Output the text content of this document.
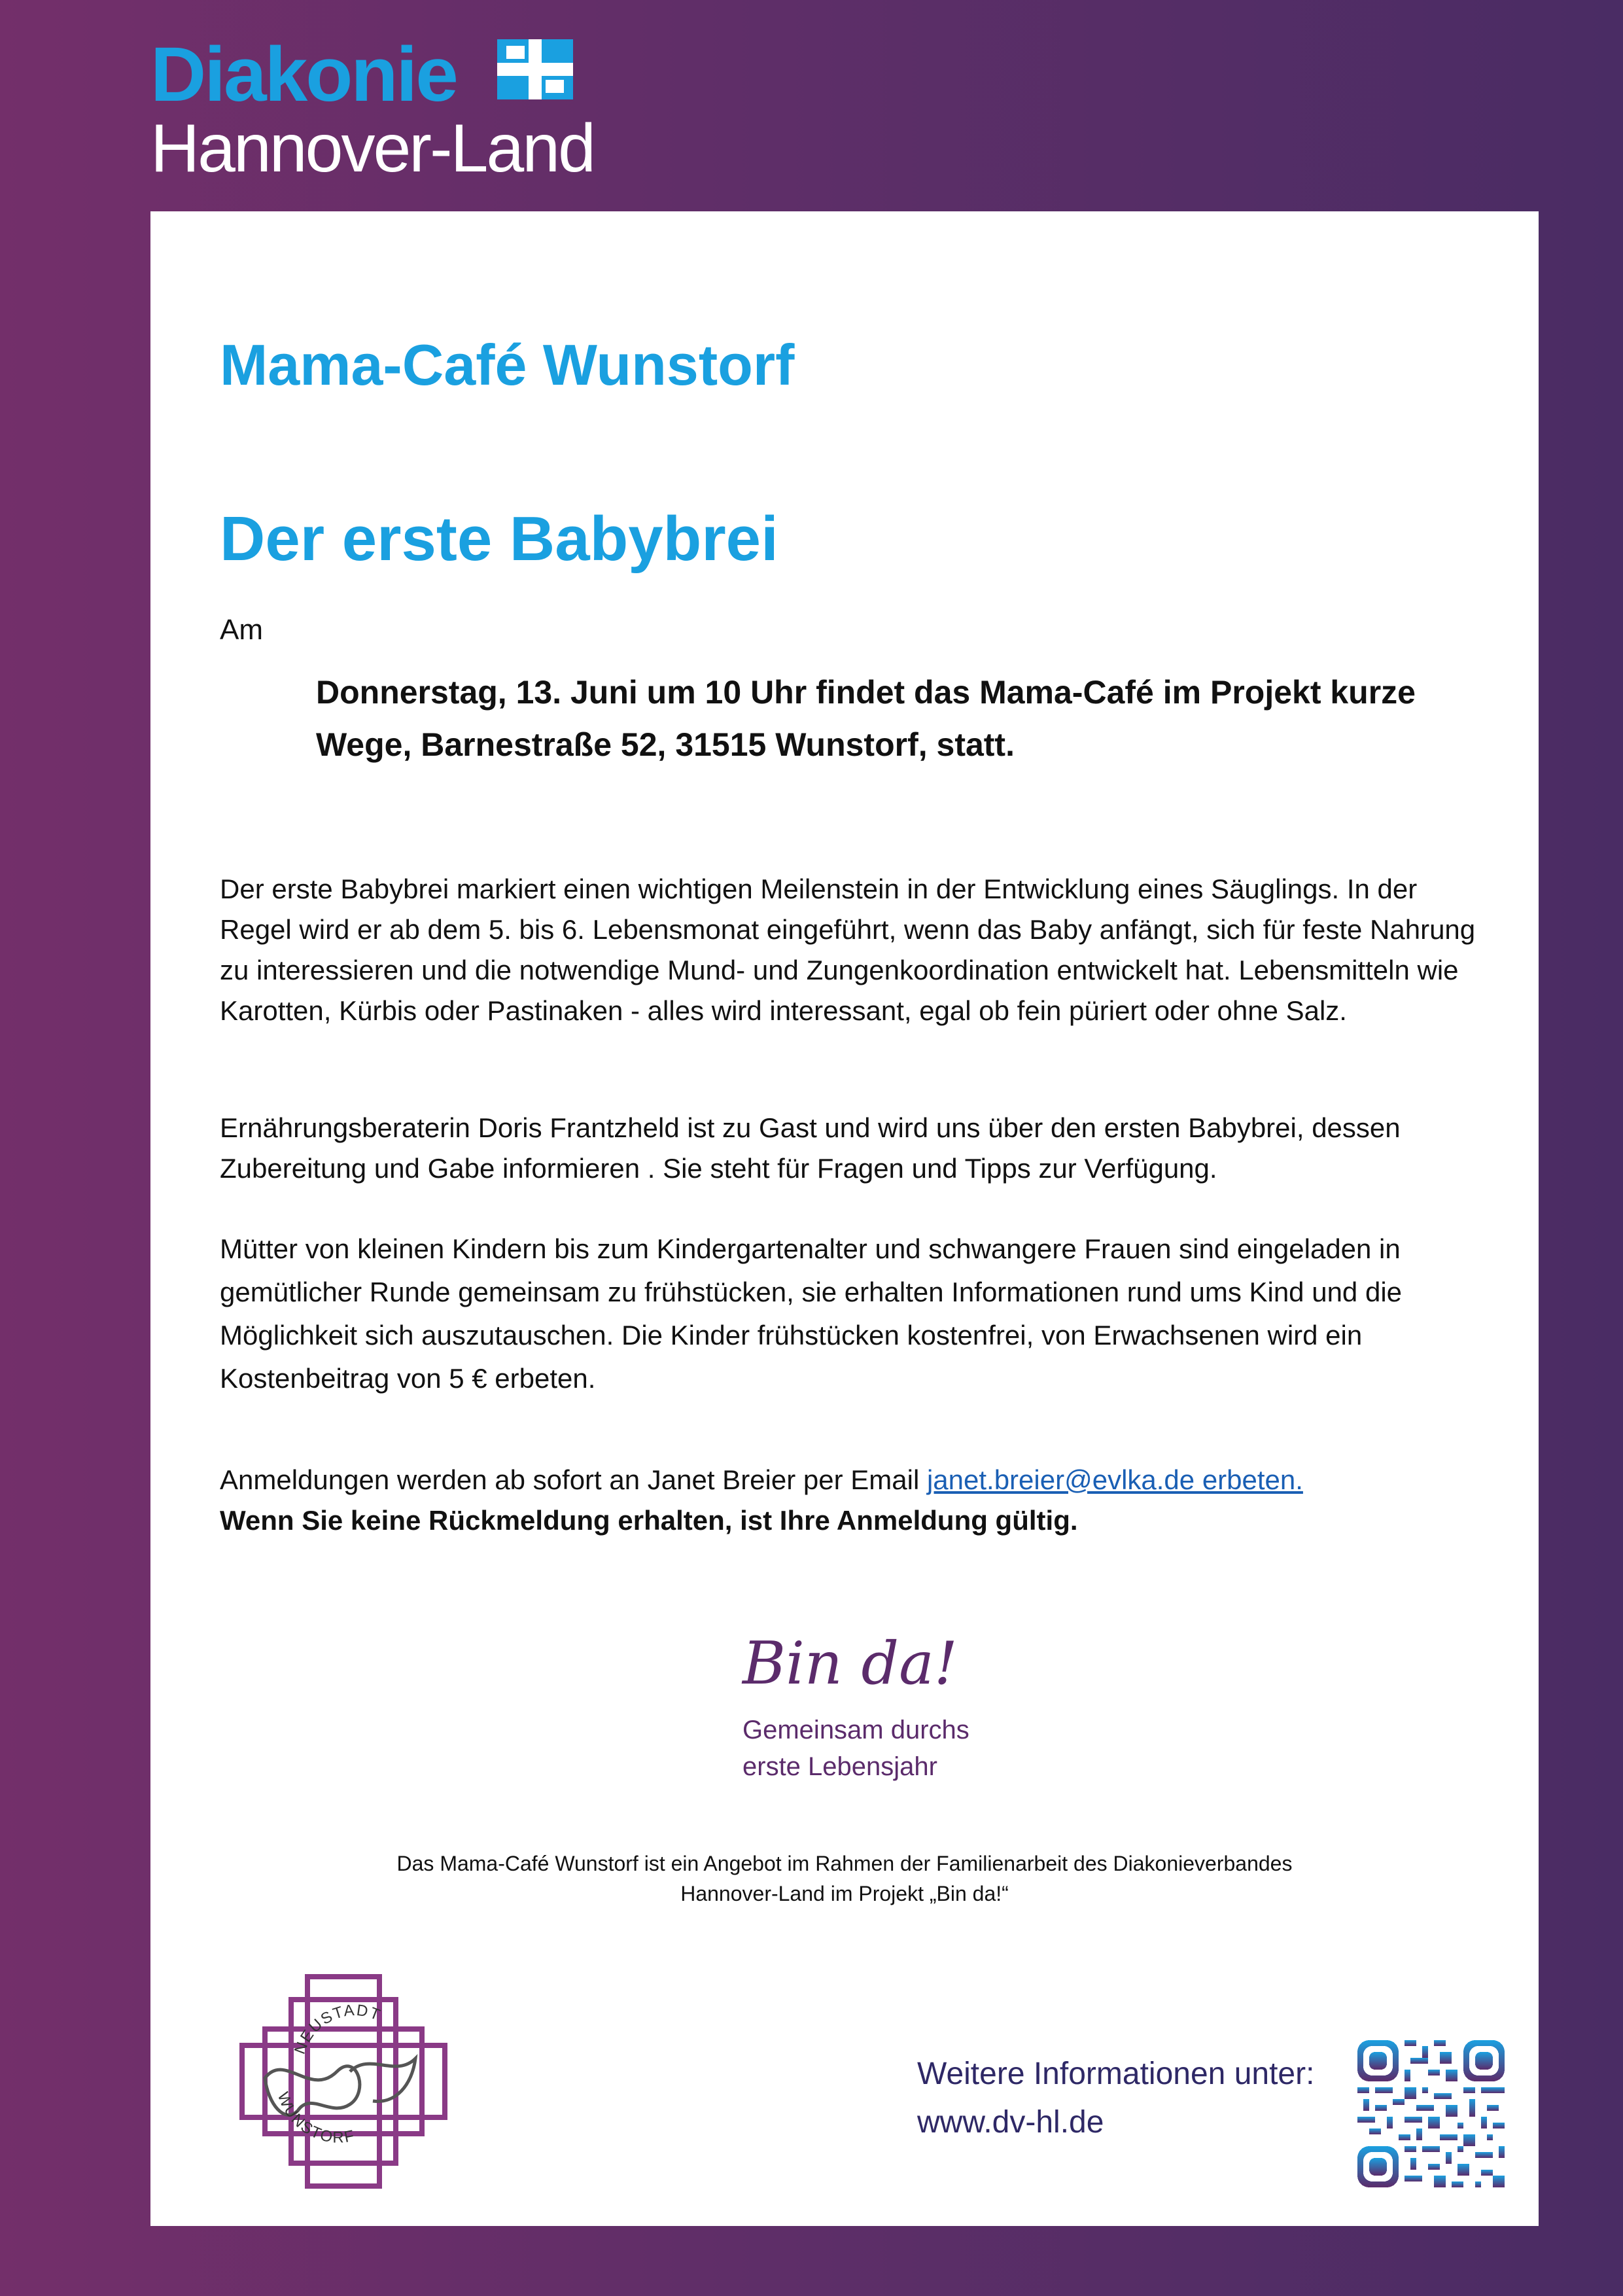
Diakonie
Hannover-Land
Mama-Café Wunstorf
Der erste Babybrei
Am
Donnerstag, 13. Juni um 10 Uhr findet das Mama-Café im Projekt kurze Wege, Barnestraße 52, 31515 Wunstorf, statt.
Der erste Babybrei markiert einen wichtigen Meilenstein in der Entwicklung eines Säuglings. In der Regel wird er ab dem 5. bis 6. Lebensmonat eingeführt, wenn das Baby anfängt, sich für feste Nahrung zu interessieren und die notwendige Mund- und Zungenkoordination entwickelt hat. Lebensmitteln wie Karotten, Kürbis oder Pastinaken - alles wird interessant, egal ob fein püriert oder ohne Salz.
Ernährungsberaterin Doris Frantzheld ist zu Gast und wird uns über den ersten Babybrei, dessen Zubereitung und Gabe informieren . Sie steht für Fragen und Tipps zur Verfügung.
Mütter von kleinen Kindern bis zum Kindergartenalter und schwangere Frauen sind eingeladen in gemütlicher Runde gemeinsam zu frühstücken, sie erhalten Informationen rund ums Kind und die Möglichkeit sich auszutauschen. Die Kinder frühstücken kostenfrei, von Erwachsenen wird ein Kostenbeitrag von 5 € erbeten.
Anmeldungen werden ab sofort an Janet Breier per Email janet.breier@evlka.de erbeten.
Wenn Sie keine Rückmeldung erhalten, ist Ihre Anmeldung gültig.
Bin da!
Gemeinsam durchs
erste Lebensjahr
Das Mama-Café Wunstorf ist ein Angebot im Rahmen der Familienarbeit des Diakonieverbandes
Hannover-Land im Projekt „Bin da!“
NEUSTADT
WUNSTORF
Weitere Informationen unter:
www.dv-hl.de
